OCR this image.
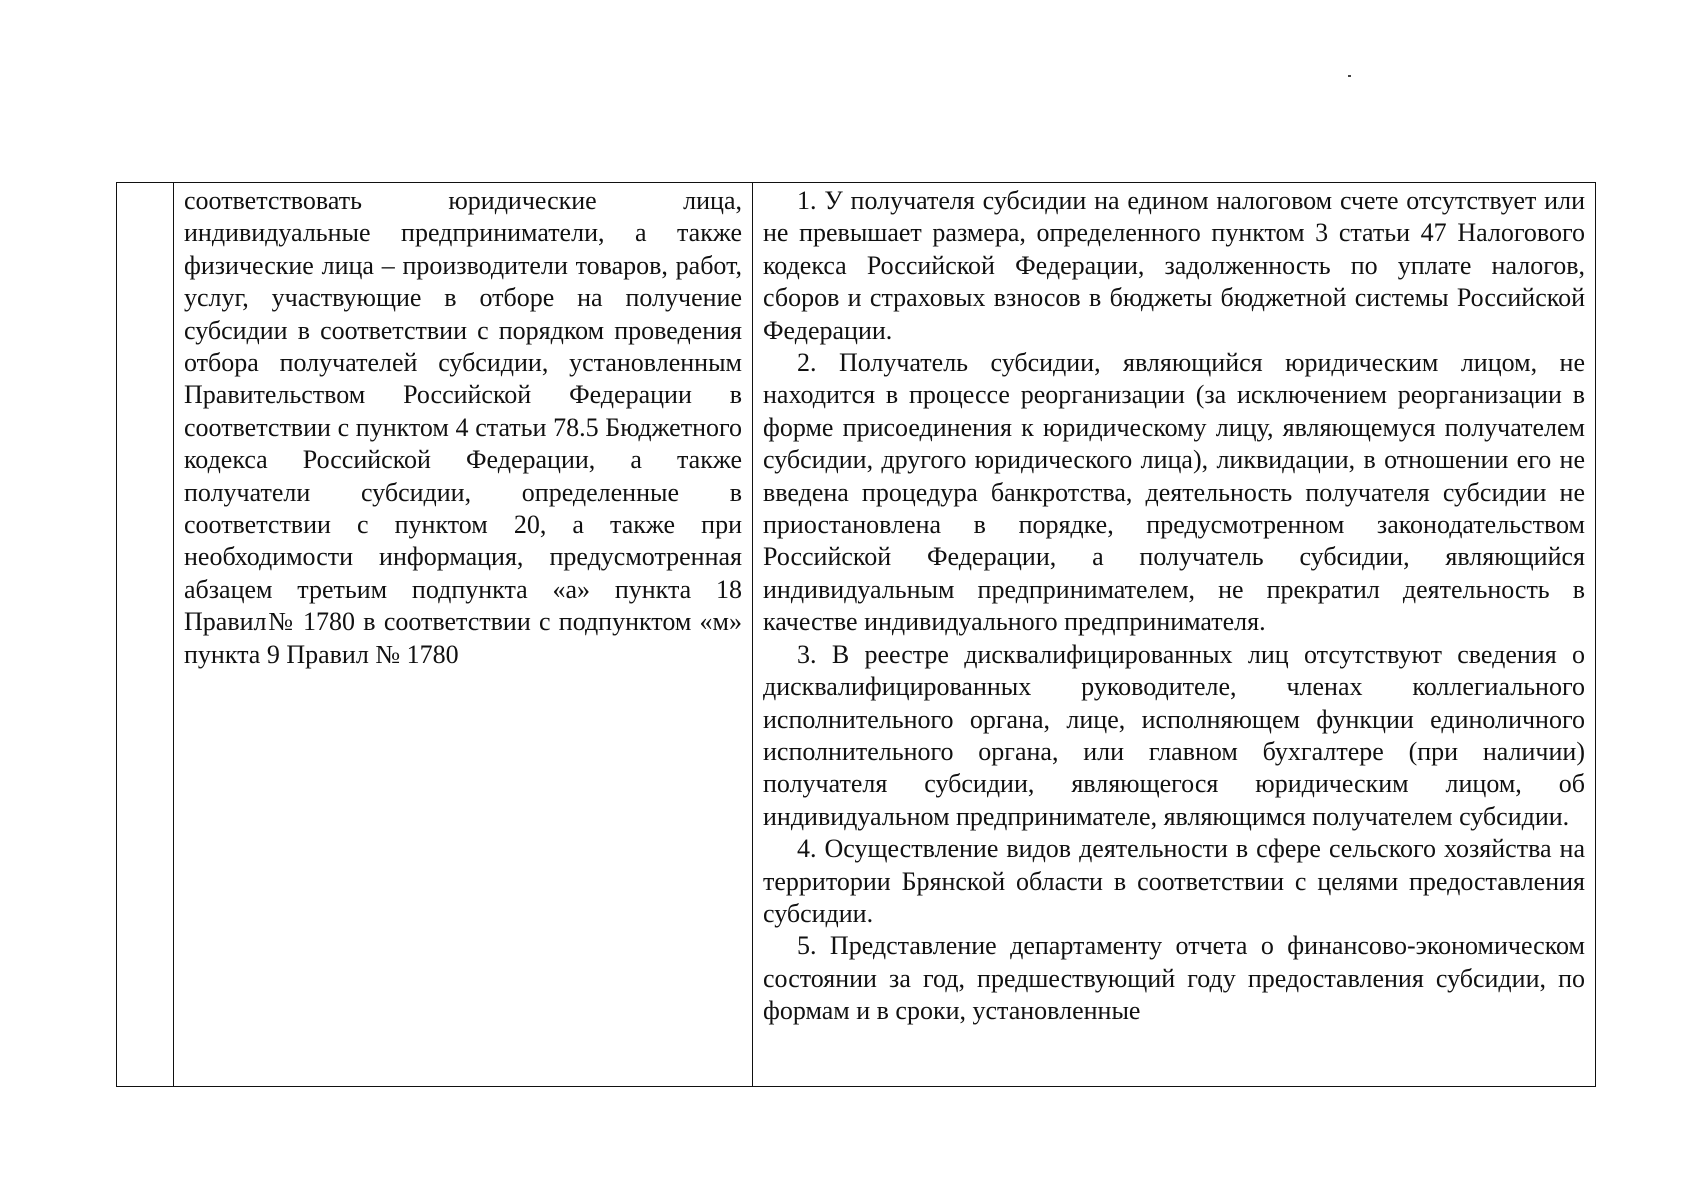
соответствовать юридические лица, индивидуальные предприниматели, а также физические лица – производители товаров, работ, услуг, участвующие в отборе на получение субсидии в соответствии с порядком проведения отбора получателей субсидии, установленным Правительством Российской Федерации в соответствии с пунктом 4 статьи 78.5 Бюджетного кодекса Российской Федерации, а также получатели субсидии, определенные в соответствии с пунктом 20, а также при необходимости информация, предусмотренная абзацем третьим подпункта «а» пункта 18 Правил№ 1780 в соответствии с подпунктом «м» пункта 9 Правил № 1780

1. У получателя субсидии на едином налоговом счете отсутствует или не превышает размера, определенного пунктом 3 статьи 47 Налогового кодекса Российской Федерации, задолженность по уплате налогов, сборов и страховых взносов в бюджеты бюджетной системы Российской Федерации.

2. Получатель субсидии, являющийся юридическим лицом, не находится в процессе реорганизации (за исключением реорганизации в форме присоединения к юридическому лицу, являющемуся получателем субсидии, другого юридического лица), ликвидации, в отношении его не введена процедура банкротства, деятельность получателя субсидии не приостановлена в порядке, предусмотренном законодательством Российской Федерации, а получатель субсидии, являющийся индивидуальным предпринимателем, не прекратил деятельность в качестве индивидуального предпринимателя.

3. В реестре дисквалифицированных лиц отсутствуют сведения о дисквалифицированных руководителе, членах коллегиального исполнительного органа, лице, исполняющем функции единоличного исполнительного органа, или главном бухгалтере (при наличии) получателя субсидии, являющегося юридическим лицом, об индивидуальном предпринимателе, являющимся получателем субсидии.

4. Осуществление видов деятельности в сфере сельского хозяйства на территории Брянской области в соответствии с целями предоставления субсидии.

5. Представление департаменту отчета о финансово-экономическом состоянии за год, предшествующий году предоставления субсидии, по формам и в сроки, установленные
